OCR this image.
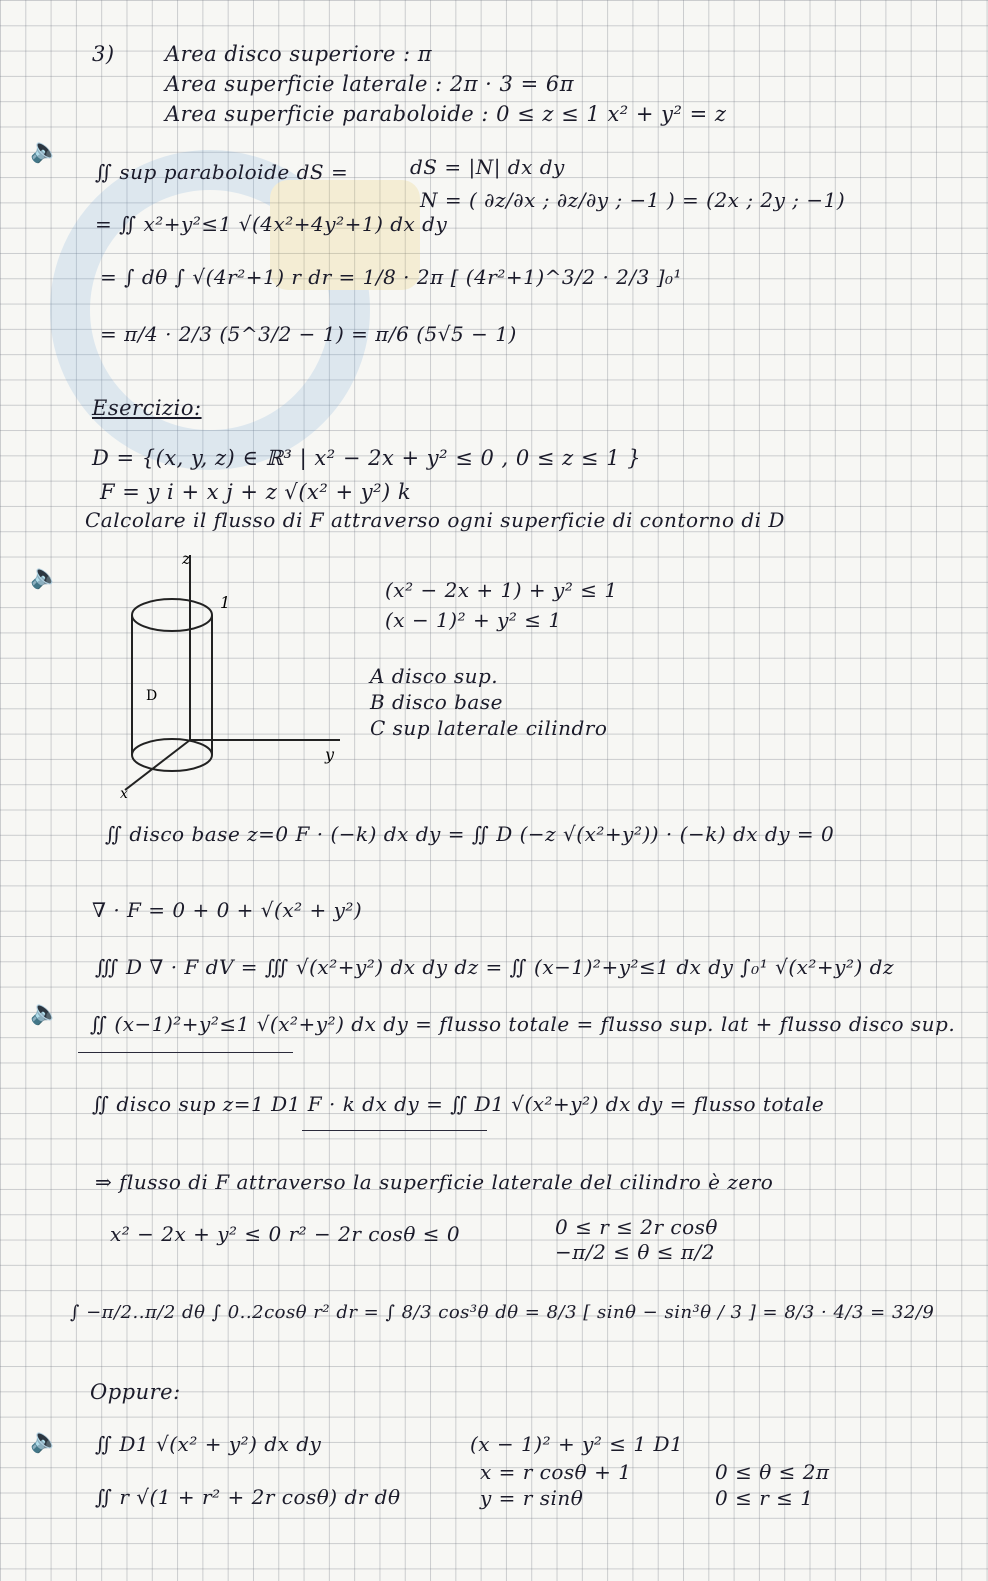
3) Area disco superiore : π
Area superficie laterale : 2π · 3 = 6π
Area superficie paraboloide : 0 ≤ z ≤ 1 x² + y² = z
🔈
∬ sup paraboloide dS =	dS = |N| dx dy
N = ( ∂z/∂x ; ∂z/∂y ; −1 ) = (2x ; 2y ; −1)
= ∬ x²+y²≤1 √(4x²+4y²+1) dx dy
= ∫ dθ ∫ √(4r²+1) r dr = 1/8 · 2π [ (4r²+1)^3/2 · 2/3 ]₀¹
= π/4 · 2/3 (5^3/2 − 1) = π/6 (5√5 − 1)
Esercizio:
D = {(x, y, z) ∈ ℝ³ | x² − 2x + y² ≤ 0 , 0 ≤ z ≤ 1 }
F = y i + x j + z √(x² + y²) k
Calcolare il flusso di F attraverso ogni superficie di contorno di D
🔈
z
1
D
y
x
(x² − 2x + 1) + y² ≤ 1
(x − 1)² + y² ≤ 1
A disco sup.
B disco base
C sup laterale cilindro
∬ disco base z=0 F · (−k) dx dy = ∬ D (−z √(x²+y²)) · (−k) dx dy = 0
∇ · F = 0 + 0 + √(x² + y²)
∭ D ∇ · F dV = ∭ √(x²+y²) dx dy dz = ∬ (x−1)²+y²≤1 dx dy ∫₀¹ √(x²+y²) dz
🔈 ∬ (x−1)²+y²≤1 √(x²+y²) dx dy = flusso totale = flusso sup. lat + flusso disco sup.
∬ disco sup z=1 D1 F · k dx dy = ∬ D1 √(x²+y²) dx dy = flusso totale
⇒ flusso di F attraverso la superficie laterale del cilindro è zero
x² − 2x + y² ≤ 0 r² − 2r cosθ ≤ 0	0 ≤ r ≤ 2r cosθ
−π/2 ≤ θ ≤ π/2
∫ −π/2..π/2 dθ ∫ 0..2cosθ r² dr = ∫ 8/3 cos³θ dθ = 8/3 [ sinθ − sin³θ / 3 ] = 8/3 · 4/3 = 32/9
Oppure:
🔈 ∬ D1 √(x² + y²) dx dy
∬ r √(1 + r² + 2r cosθ) dr dθ
(x − 1)² + y² ≤ 1 D1
x = r cosθ + 1
y = r sinθ
0 ≤ θ ≤ 2π
0 ≤ r ≤ 1
